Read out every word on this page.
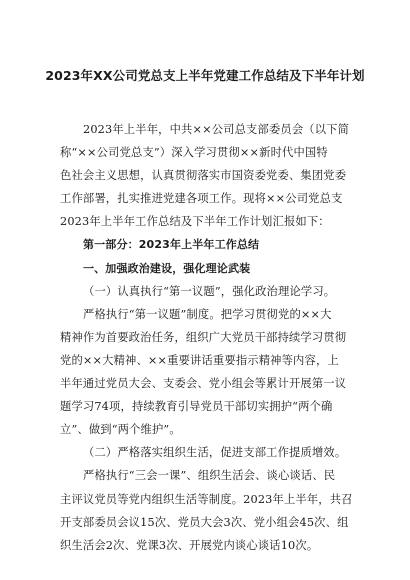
2023年XX公司党总支上半年党建工作总结及下半年计划
2023年上半年，中共××公司总支部委员会（以下简
称“××公司党总支”）深入学习贯彻××新时代中国特
色社会主义思想，认真贯彻落实市国资委党委、集团党委
工作部署，扎实推进党建各项工作。现将××公司党总支
2023年上半年工作总结及下半年工作计划汇报如下：
第一部分：2023年上半年工作总结
一、加强政治建设，强化理论武装
（一）认真执行“第一议题”，强化政治理论学习。
严格执行“第一议题”制度。把学习贯彻党的××大
精神作为首要政治任务，组织广大党员干部持续学习贯彻
党的××大精神、××重要讲话重要指示精神等内容，上
半年通过党员大会、支委会、党小组会等累计开展第一议
题学习74项，持续教育引导党员干部切实拥护“两个确
立”、做到“两个维护”。
（二）严格落实组织生活，促进支部工作提质增效。
严格执行“三会一课”、组织生活会、谈心谈话、民
主评议党员等党内组织生活等制度。2023年上半年，共召
开支部委员会议15次、党员大会3次、党小组会45次、组
织生活会2次、党课3次、开展党内谈心谈话10次。
